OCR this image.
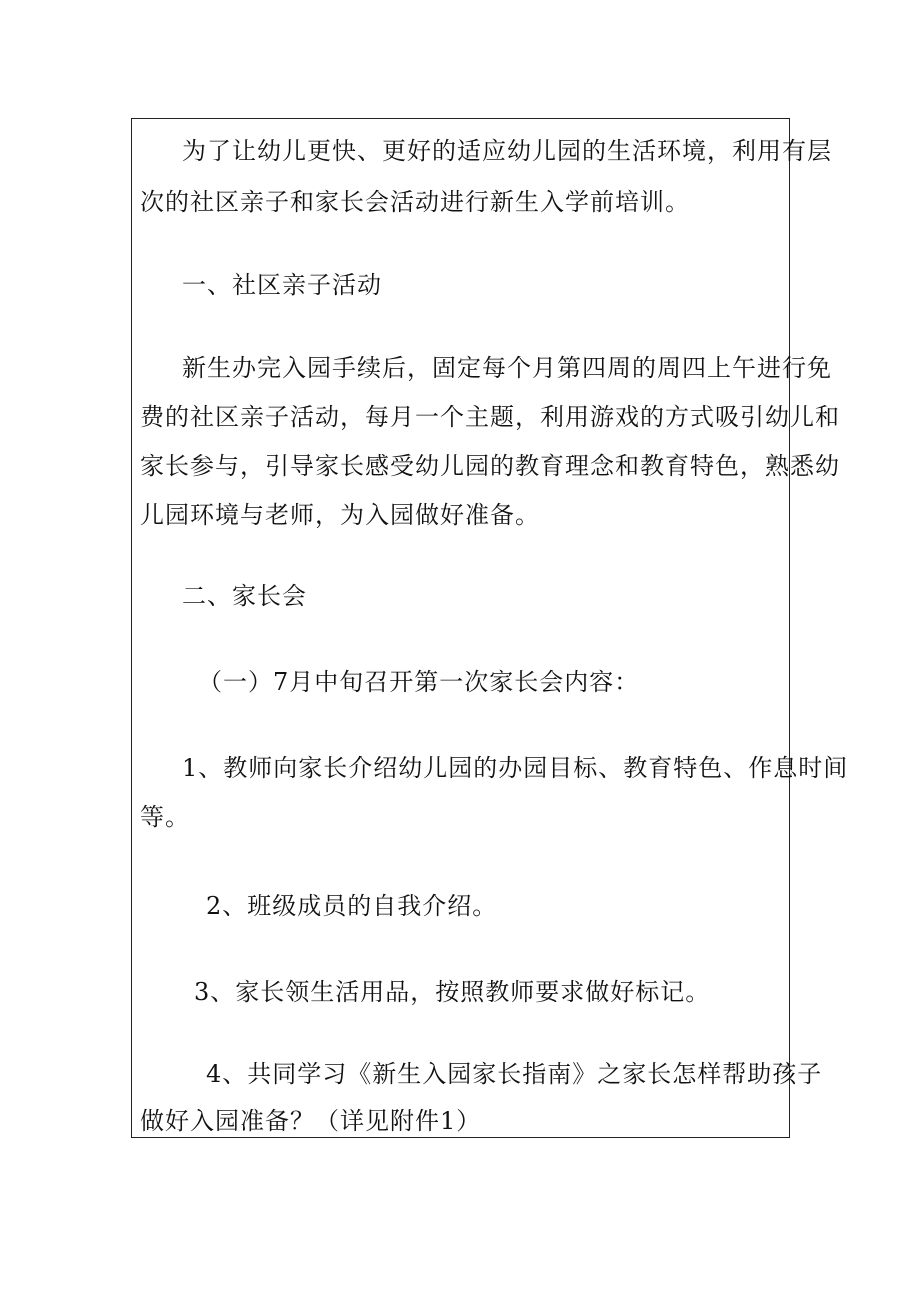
为了让幼儿更快、更好的适应幼儿园的生活环境，利用有层
次的社区亲子和家长会活动进行新生入学前培训。
一、社区亲子活动
新生办完入园手续后，固定每个月第四周的周四上午进行免
费的社区亲子活动，每月一个主题，利用游戏的方式吸引幼儿和
家长参与，引导家长感受幼儿园的教育理念和教育特色，熟悉幼
儿园环境与老师，为入园做好准备。
二、家长会
（一）7月中旬召开第一次家长会内容：
1、教师向家长介绍幼儿园的办园目标、教育特色、作息时间
等。
2、班级成员的自我介绍。
3、家长领生活用品，按照教师要求做好标记。
4、共同学习《新生入园家长指南》之家长怎样帮助孩子
做好入园准备？（详见附件1）
